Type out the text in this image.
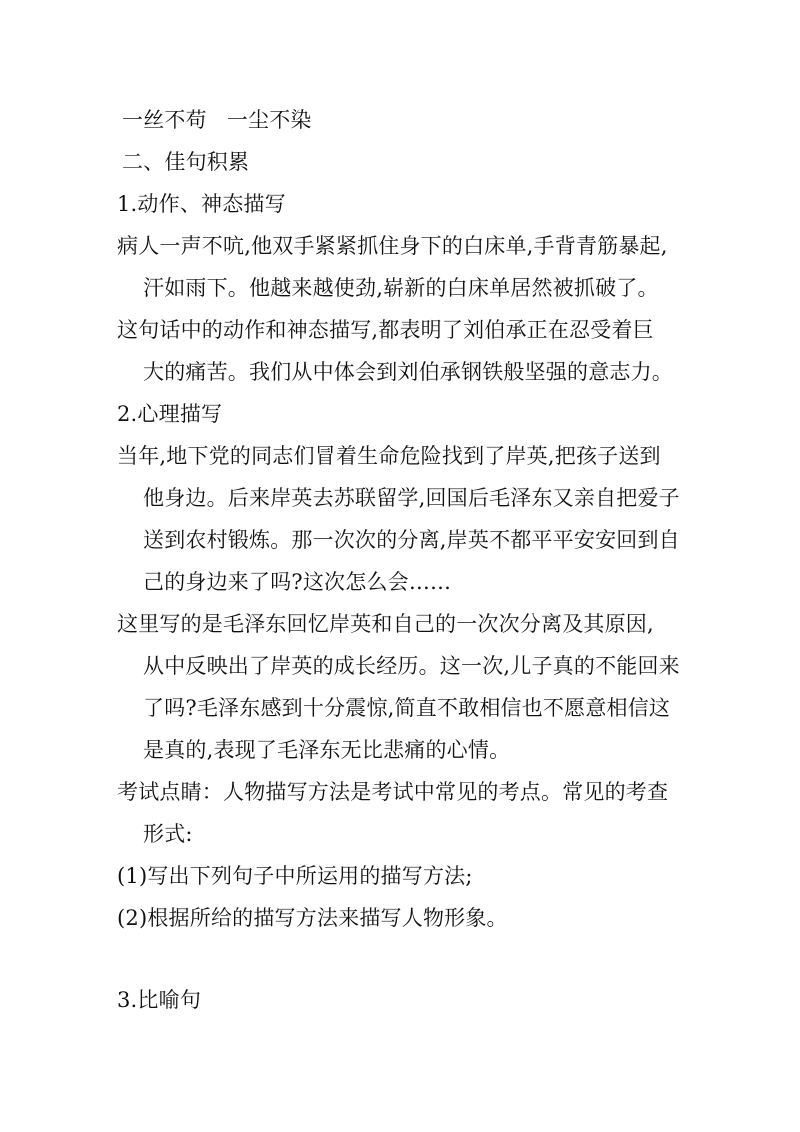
一丝不苟 一尘不染
二、佳句积累
1.动作、神态描写
病人一声不吭,他双手紧紧抓住身下的白床单,手背青筋暴起,
汗如雨下。他越来越使劲,崭新的白床单居然被抓破了。
这句话中的动作和神态描写,都表明了刘伯承正在忍受着巨
大的痛苦。我们从中体会到刘伯承钢铁般坚强的意志力。
2.心理描写
当年,地下党的同志们冒着生命危险找到了岸英,把孩子送到
他身边。后来岸英去苏联留学,回国后毛泽东又亲自把爱子
送到农村锻炼。那一次次的分离,岸英不都平平安安回到自
己的身边来了吗?这次怎么会……
这里写的是毛泽东回忆岸英和自己的一次次分离及其原因,
从中反映出了岸英的成长经历。这一次,儿子真的不能回来
了吗?毛泽东感到十分震惊,简直不敢相信也不愿意相信这
是真的,表现了毛泽东无比悲痛的心情。
考试点睛：人物描写方法是考试中常见的考点。常见的考查
形式:
(1)写出下列句子中所运用的描写方法;
(2)根据所给的描写方法来描写人物形象。
3.比喻句
